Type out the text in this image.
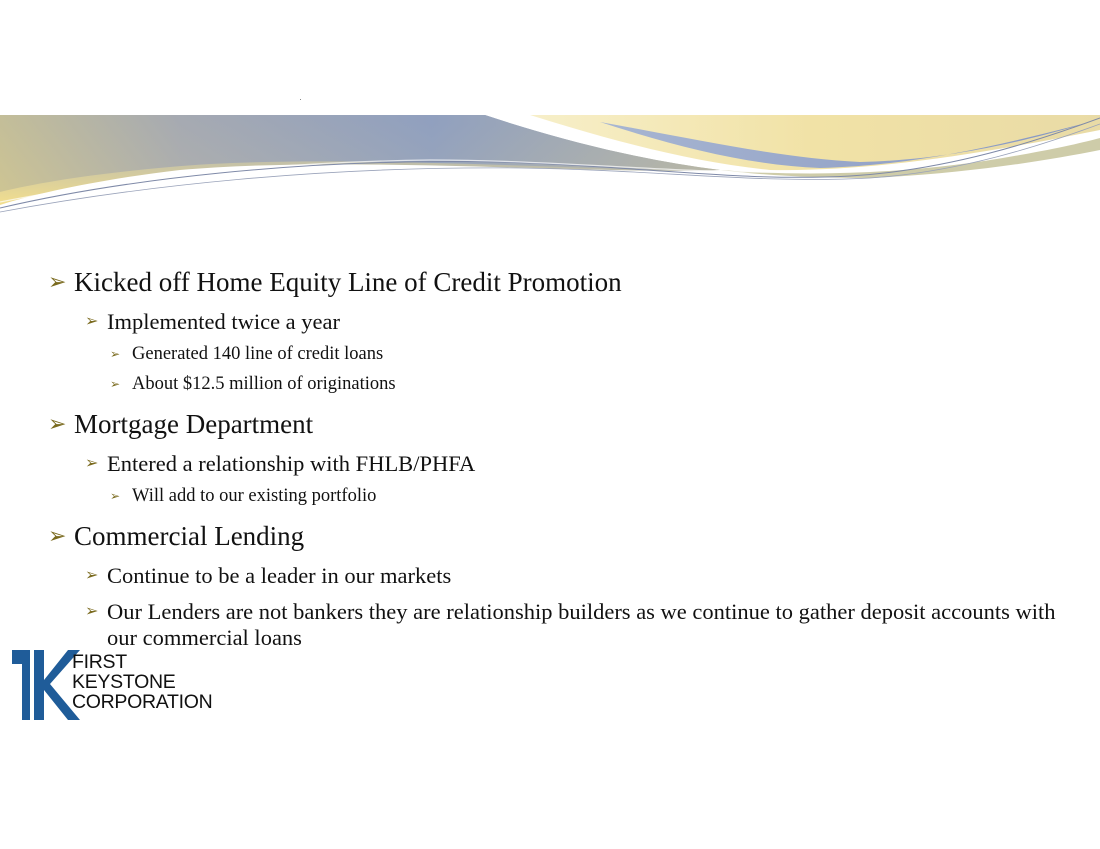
➢ Kicked off Home Equity Line of Credit Promotion
➢ Implemented twice a year
➢ Generated 140 line of credit loans
➢ About $12.5 million of originations
➢ Mortgage Department
➢ Entered a relationship with FHLB/PHFA
➢ Will add to our existing portfolio
➢ Commercial Lending
➢ Continue to be a leader in our markets
➢ Our Lenders are not bankers they are relationship builders as we continue to gather deposit accounts with our commercial loans
FIRST
KEYSTONE
CORPORATION
